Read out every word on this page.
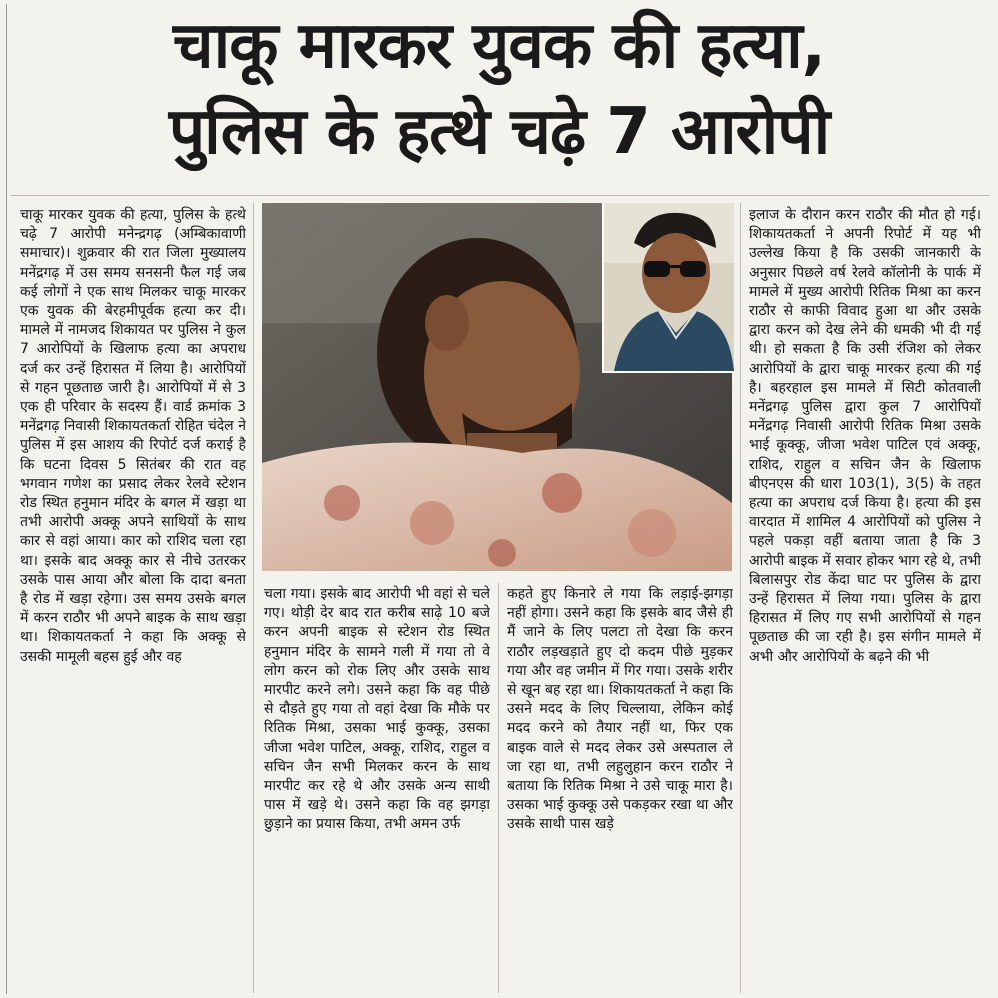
चाकू मारकर युवक की हत्या,
पुलिस के हत्थे चढ़े 7 आरोपी

चाकू मारकर युवक की हत्या, पुलिस के हत्थे चढ़े 7 आरोपी मनेन्द्रगढ़ (अम्बिकावाणी समाचार)। शुक्रवार की रात जिला मुख्यालय मनेंद्रगढ़ में उस समय सनसनी फैल गई जब कई लोगों ने एक साथ मिलकर चाकू मारकर एक युवक की बेरहमीपूर्वक हत्या कर दी। मामले में नामजद शिकायत पर पुलिस ने कुल 7 आरोपियों के खिलाफ हत्या का अपराध दर्ज कर उन्हें हिरासत में लिया है। आरोपियों से गहन पूछताछ जारी है। आरोपियों में से 3 एक ही परिवार के सदस्य हैं। वार्ड क्रमांक 3 मनेंद्रगढ़ निवासी शिकायतकर्ता रोहित चंदेल ने पुलिस में इस आशय की रिपोर्ट दर्ज कराई है कि घटना दिवस 5 सितंबर की रात वह भगवान गणेश का प्रसाद लेकर रेलवे स्टेशन रोड स्थित हनुमान मंदिर के बगल में खड़ा था तभी आरोपी अक्कू अपने साथियों के साथ कार से वहां आया। कार को राशिद चला रहा था। इसके बाद अक्कू कार से नीचे उतरकर उसके पास आया और बोला कि दादा बनता है रोड में खड़ा रहेगा। उस समय उसके बगल में करन राठौर भी अपने बाइक के साथ खड़ा था। शिकायतकर्ता ने कहा कि अक्कू से उसकी मामूली बहस हुई और वह

चला गया। इसके बाद आरोपी भी वहां से चले गए। थोड़ी देर बाद रात करीब साढ़े 10 बजे करन अपनी बाइक से स्टेशन रोड स्थित हनुमान मंदिर के सामने गली में गया तो वे लोग करन को रोक लिए और उसके साथ मारपीट करने लगे। उसने कहा कि वह पीछे से दौड़ते हुए गया तो वहां देखा कि मौके पर रितिक मिश्रा, उसका भाई कुक्कू, उसका जीजा भवेश पाटिल, अक्कू, राशिद, राहुल व सचिन जैन सभी मिलकर करन के साथ मारपीट कर रहे थे और उसके अन्य साथी पास में खड़े थे। उसने कहा कि वह झगड़ा छुड़ाने का प्रयास किया, तभी अमन उर्फ

कहते हुए किनारे ले गया कि लड़ाई-झगड़ा नहीं होगा। उसने कहा कि इसके बाद जैसे ही मैं जाने के लिए पलटा तो देखा कि करन राठौर लड़खड़ाते हुए दो कदम पीछे मुड़कर गया और वह जमीन में गिर गया। उसके शरीर से खून बह रहा था। शिकायतकर्ता ने कहा कि उसने मदद के लिए चिल्लाया, लेकिन कोई मदद करने को तैयार नहीं था, फिर एक बाइक वाले से मदद लेकर उसे अस्पताल ले जा रहा था, तभी लहुलुहान करन राठौर ने बताया कि रितिक मिश्रा ने उसे चाकू मारा है। उसका भाई कुक्कू उसे पकड़कर रखा था और उसके साथी पास खड़े

इलाज के दौरान करन राठौर की मौत हो गई। शिकायतकर्ता ने अपनी रिपोर्ट में यह भी उल्लेख किया है कि उसकी जानकारी के अनुसार पिछले वर्ष रेलवे कॉलोनी के पार्क में मामले में मुख्य आरोपी रितिक मिश्रा का करन राठौर से काफी विवाद हुआ था और उसके द्वारा करन को देख लेने की धमकी भी दी गई थी। हो सकता है कि उसी रंजिश को लेकर आरोपियों के द्वारा चाकू मारकर हत्या की गई है। बहरहाल इस मामले में सिटी कोतवाली मनेंद्रगढ़ पुलिस द्वारा कुल 7 आरोपियों मनेंद्रगढ़ निवासी आरोपी रितिक मिश्रा उसके भाई कूक्कू, जीजा भवेश पाटिल एवं अक्कू, राशिद, राहुल व सचिन जैन के खिलाफ बीएनएस की धारा 103(1), 3(5) के तहत हत्या का अपराध दर्ज किया है। हत्या की इस वारदात में शामिल 4 आरोपियों को पुलिस ने पहले पकड़ा वहीं बताया जाता है कि 3 आरोपी बाइक में सवार होकर भाग रहे थे, तभी बिलासपुर रोड केंदा घाट पर पुलिस के द्वारा उन्हें हिरासत में लिया गया। पुलिस के द्वारा हिरासत में लिए गए सभी आरोपियों से गहन पूछताछ की जा रही है। इस संगीन मामले में अभी और आरोपियों के बढ़ने की भी
